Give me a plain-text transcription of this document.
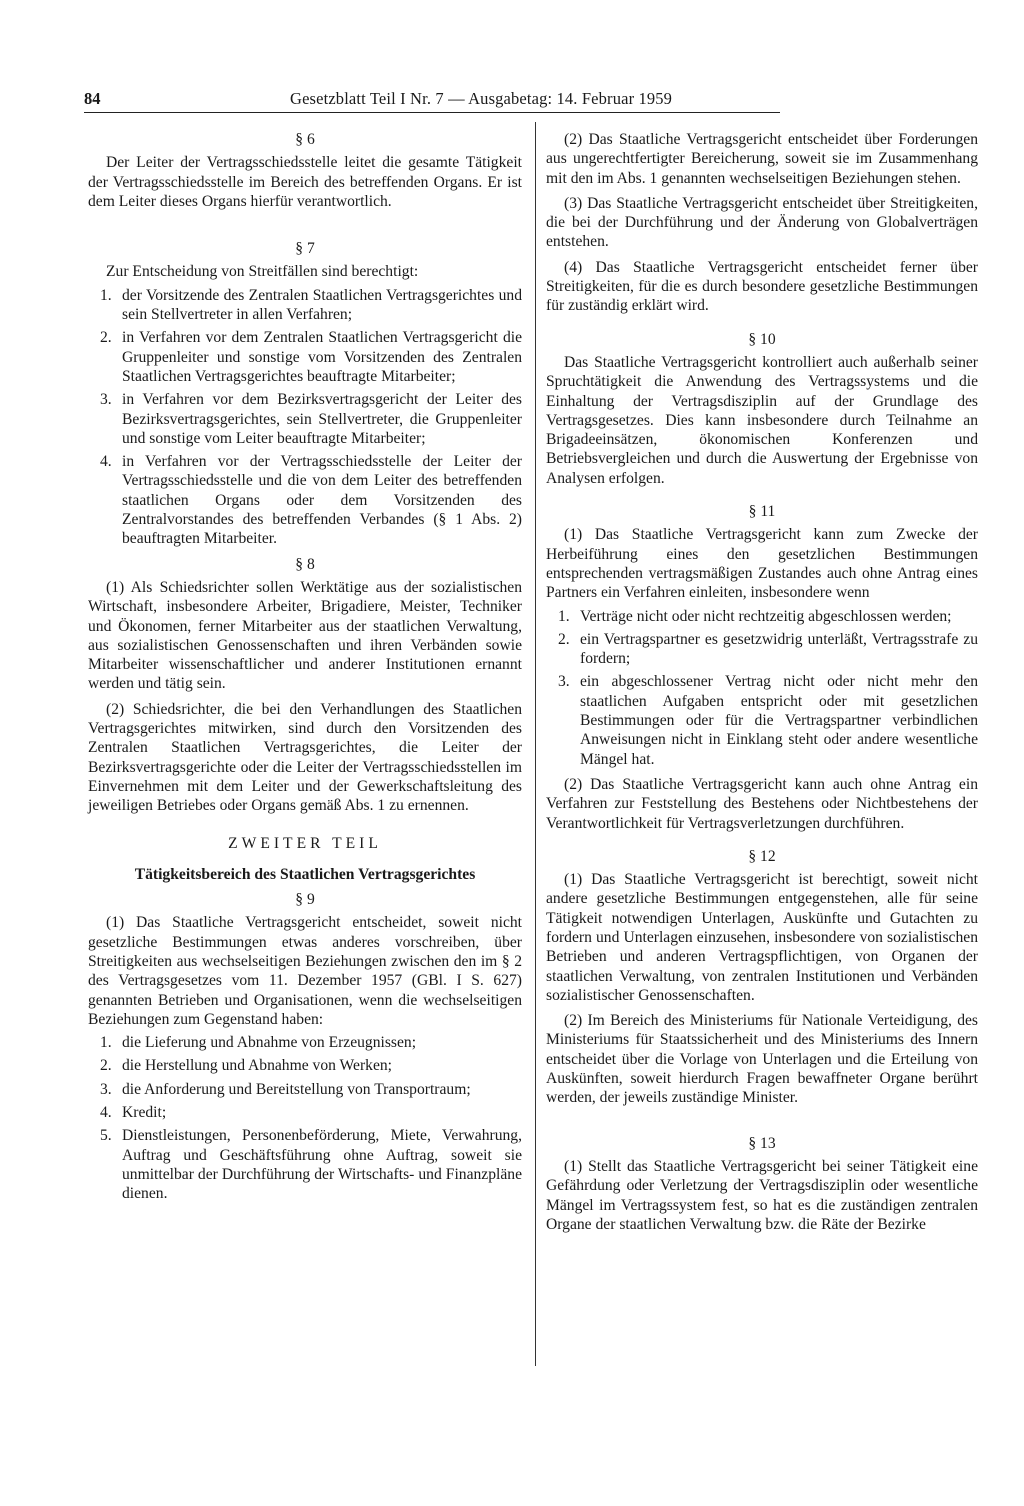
84	Gesetzblatt Teil I Nr. 7 — Ausgabetag: 14. Februar 1959
§ 6

Der Leiter der Vertragsschiedsstelle leitet die gesamte Tätigkeit der Vertragsschiedsstelle im Bereich des betreffenden Organs. Er ist dem Leiter dieses Organs hierfür verantwortlich.

§ 7

Zur Entscheidung von Streitfällen sind berechtigt:

1. der Vorsitzende des Zentralen Staatlichen Vertragsgerichtes und sein Stellvertreter in allen Verfahren;
2. in Verfahren vor dem Zentralen Staatlichen Vertragsgericht die Gruppenleiter und sonstige vom Vorsitzenden des Zentralen Staatlichen Vertragsgerichtes beauftragte Mitarbeiter;
3. in Verfahren vor dem Bezirksvertragsgericht der Leiter des Bezirksvertragsgerichtes, sein Stellvertreter, die Gruppenleiter und sonstige vom Leiter beauftragte Mitarbeiter;
4. in Verfahren vor der Vertragsschiedsstelle der Leiter der Vertragsschiedsstelle und die von dem Leiter des betreffenden staatlichen Organs oder dem Vorsitzenden des Zentralvorstandes des betreffenden Verbandes (§ 1 Abs. 2) beauftragten Mitarbeiter.
§ 8

(1) Als Schiedsrichter sollen Werktätige aus der sozialistischen Wirtschaft, insbesondere Arbeiter, Brigadiere, Meister, Techniker und Ökonomen, ferner Mitarbeiter aus der staatlichen Verwaltung, aus sozialistischen Genossenschaften und ihren Verbänden sowie Mitarbeiter wissenschaftlicher und anderer Institutionen ernannt werden und tätig sein.

(2) Schiedsrichter, die bei den Verhandlungen des Staatlichen Vertragsgerichtes mitwirken, sind durch den Vorsitzenden des Zentralen Staatlichen Vertragsgerichtes, die Leiter der Bezirksvertragsgerichte oder die Leiter der Vertragsschiedsstellen im Einvernehmen mit dem Leiter und der Gewerkschaftsleitung des jeweiligen Betriebes oder Organs gemäß Abs. 1 zu ernennen.

ZWEITER TEIL
Tätigkeitsbereich des Staatlichen Vertragsgerichtes
§ 9

(1) Das Staatliche Vertragsgericht entscheidet, soweit nicht gesetzliche Bestimmungen etwas anderes vorschreiben, über Streitigkeiten aus wechselseitigen Beziehungen zwischen den im § 2 des Vertragsgesetzes vom 11. Dezember 1957 (GBl. I S. 627) genannten Betrieben und Organisationen, wenn die wechselseitigen Beziehungen zum Gegenstand haben:

1. die Lieferung und Abnahme von Erzeugnissen;
2. die Herstellung und Abnahme von Werken;
3. die Anforderung und Bereitstellung von Transportraum;
4. Kredit;
5. Dienstleistungen, Personenbeförderung, Miete, Verwahrung, Auftrag und Geschäftsführung ohne Auftrag, soweit sie unmittelbar der Durchführung der Wirtschafts- und Finanzpläne dienen.

(2) Das Staatliche Vertragsgericht entscheidet über Forderungen aus ungerechtfertigter Bereicherung, soweit sie im Zusammenhang mit den im Abs. 1 genannten wechselseitigen Beziehungen stehen.

(3) Das Staatliche Vertragsgericht entscheidet über Streitigkeiten, die bei der Durchführung und der Änderung von Globalverträgen entstehen.

(4) Das Staatliche Vertragsgericht entscheidet ferner über Streitigkeiten, für die es durch besondere gesetzliche Bestimmungen für zuständig erklärt wird.

§ 10

Das Staatliche Vertragsgericht kontrolliert auch außerhalb seiner Spruchtätigkeit die Anwendung des Vertragssystems und die Einhaltung der Vertragsdisziplin auf der Grundlage des Vertragsgesetzes. Dies kann insbesondere durch Teilnahme an Brigadeeinsätzen, ökonomischen Konferenzen und Betriebsvergleichen und durch die Auswertung der Ergebnisse von Analysen erfolgen.

§ 11

(1) Das Staatliche Vertragsgericht kann zum Zwecke der Herbeiführung eines den gesetzlichen Bestimmungen entsprechenden vertragsmäßigen Zustandes auch ohne Antrag eines Partners ein Verfahren einleiten, insbesondere wenn

1. Verträge nicht oder nicht rechtzeitig abgeschlossen werden;
2. ein Vertragspartner es gesetzwidrig unterläßt, Vertragsstrafe zu fordern;
3. ein abgeschlossener Vertrag nicht oder nicht mehr den staatlichen Aufgaben entspricht oder mit gesetzlichen Bestimmungen oder für die Vertragspartner verbindlichen Anweisungen nicht in Einklang steht oder andere wesentliche Mängel hat.

(2) Das Staatliche Vertragsgericht kann auch ohne Antrag ein Verfahren zur Feststellung des Bestehens oder Nichtbestehens der Verantwortlichkeit für Vertragsverletzungen durchführen.

§ 12

(1) Das Staatliche Vertragsgericht ist berechtigt, soweit nicht andere gesetzliche Bestimmungen entgegenstehen, alle für seine Tätigkeit notwendigen Unterlagen, Auskünfte und Gutachten zu fordern und Unterlagen einzusehen, insbesondere von sozialistischen Betrieben und anderen Vertragspflichtigen, von Organen der staatlichen Verwaltung, von zentralen Institutionen und Verbänden sozialistischer Genossenschaften.

(2) Im Bereich des Ministeriums für Nationale Verteidigung, des Ministeriums für Staatssicherheit und des Ministeriums des Innern entscheidet über die Vorlage von Unterlagen und die Erteilung von Auskünften, soweit hierdurch Fragen bewaffneter Organe berührt werden, der jeweils zuständige Minister.

§ 13

(1) Stellt das Staatliche Vertragsgericht bei seiner Tätigkeit eine Gefährdung oder Verletzung der Vertragsdisziplin oder wesentliche Mängel im Vertragssystem fest, so hat es die zuständigen zentralen Organe der staatlichen Verwaltung bzw. die Räte der Bezirke
